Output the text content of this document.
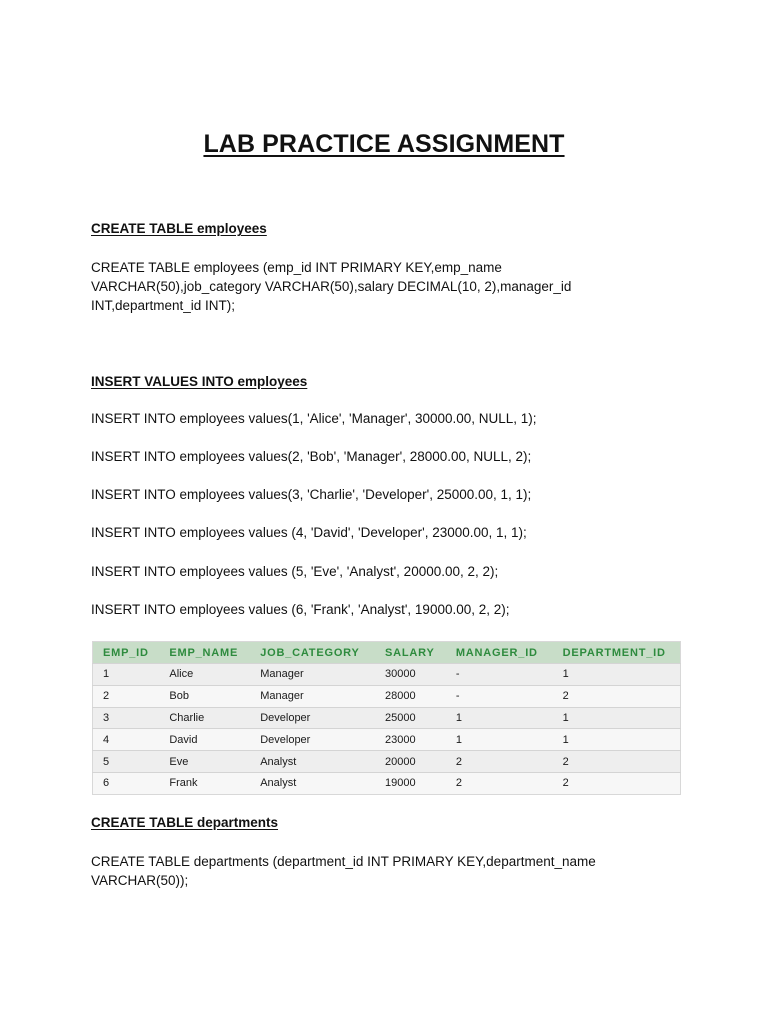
LAB PRACTICE ASSIGNMENT
CREATE TABLE employees
CREATE TABLE employees (emp_id INT PRIMARY KEY,emp_name VARCHAR(50),job_category VARCHAR(50),salary DECIMAL(10, 2),manager_id INT,department_id INT);
INSERT VALUES INTO employees
INSERT INTO employees values(1, 'Alice', 'Manager', 30000.00, NULL, 1);
INSERT INTO employees values(2, 'Bob', 'Manager', 28000.00, NULL, 2);
INSERT INTO employees values(3, 'Charlie', 'Developer', 25000.00, 1, 1);
INSERT INTO employees values (4, 'David', 'Developer', 23000.00, 1, 1);
INSERT INTO employees values (5, 'Eve', 'Analyst', 20000.00, 2, 2);
INSERT INTO employees values (6, 'Frank', 'Analyst', 19000.00, 2, 2);
EMP_ID	EMP_NAME	JOB_CATEGORY	SALARY	MANAGER_ID	DEPARTMENT_ID
1	Alice	Manager	30000	-	1
2	Bob	Manager	28000	-	2
3	Charlie	Developer	25000	1	1
4	David	Developer	23000	1	1
5	Eve	Analyst	20000	2	2
6	Frank	Analyst	19000	2	2
CREATE TABLE departments
CREATE TABLE departments (department_id INT PRIMARY KEY,department_name VARCHAR(50));
